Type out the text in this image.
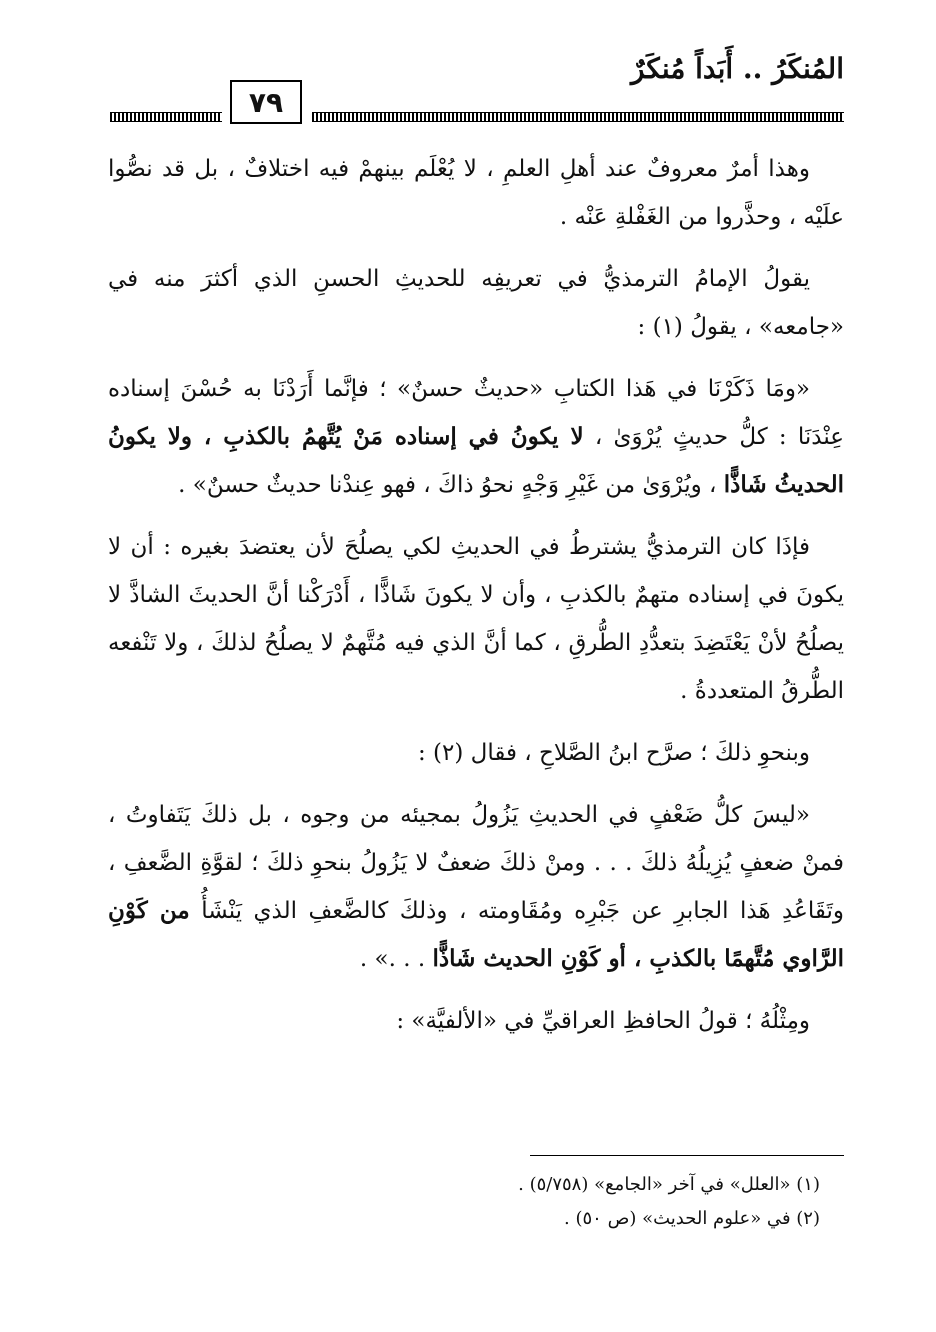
المُنكَرُ .. أَبَداً مُنكَرٌ
٧٩

وهذا أمرٌ معروفٌ عند أهلِ العلمِ ، لا يُعْلَم بينهمْ فيه اختلافٌ ، بل قد نصُّوا علَيْه ، وحذَّروا من الغَفْلةِ عَنْه .

يقولُ الإمامُ الترمذيُّ في تعريفِه للحديثِ الحسنِ الذي أكثرَ منه في «جامعه» ، يقولُ (١) :

«ومَا ذَكَرْنَا في هَذا الكتابِ «حديثٌ حسنٌ» ؛ فإنَّما أَرَدْنَا به حُسْنَ إسناده عِنْدَنَا : كلُّ حديثٍ يُرْوَىٰ ، لا يكونُ في إسناده مَنْ يُتَّهمُ بالكذبِ ، ولا يكونُ الحديثُ شَاذًّا ، ويُرْوَىٰ من غَيْرِ وَجْهٍ نحوُ ذاكَ ، فهو عِندْنا حديثٌ حسنٌ» .

فإذَا كان الترمذيُّ يشترطُ في الحديثِ لكي يصلُحَ لأن يعتضدَ بغيره : أن لا يكونَ في إسناده متهمٌ بالكذبِ ، وأن لا يكونَ شَاذًّا ، أَدْرَكْنا أنَّ الحديثَ الشاذَّ لا يصلُحُ لأنْ يَعْتَضِدَ بتعدُّدِ الطُّرقِ ، كما أنَّ الذي فيه مُتَّهمٌ لا يصلُحُ لذلكَ ، ولا تَنْفعه الطُّرقُ المتعددةُ .

وبنحوِ ذلكَ ؛ صرَّح ابنُ الصَّلاحِ ، فقال (٢) :

«ليسَ كلُّ ضَعْفٍ في الحديثِ يَزُولُ بمجيئه من وجوه ، بل ذلكَ يَتَفاوتُ ، فمنْ ضعفٍ يُزِيلُهُ ذلكَ . . . ومنْ ذلكَ ضعفٌ لا يَزُولُ بنحوِ ذلكَ ؛ لقوَّةِ الضَّعفِ ، وتَقَاعُدِ هَذا الجابرِ عن جَبْرِه ومُقَاومته ، وذلكَ كالضَّعفِ الذي يَنْشَأُ من كَوْنِ الرَّاوي مُتَّهمًا بالكذبِ ، أو كَوْنِ الحديث شَاذًّا . . .» .

ومِثْلُهُ ؛ قولُ الحافظِ العراقيِّ في «الألفيَّة» :

(١) «العلل» في آخر «الجامع» (٥/٧٥٨) .
(٢) في «علوم الحديث» (ص ٥٠) .
